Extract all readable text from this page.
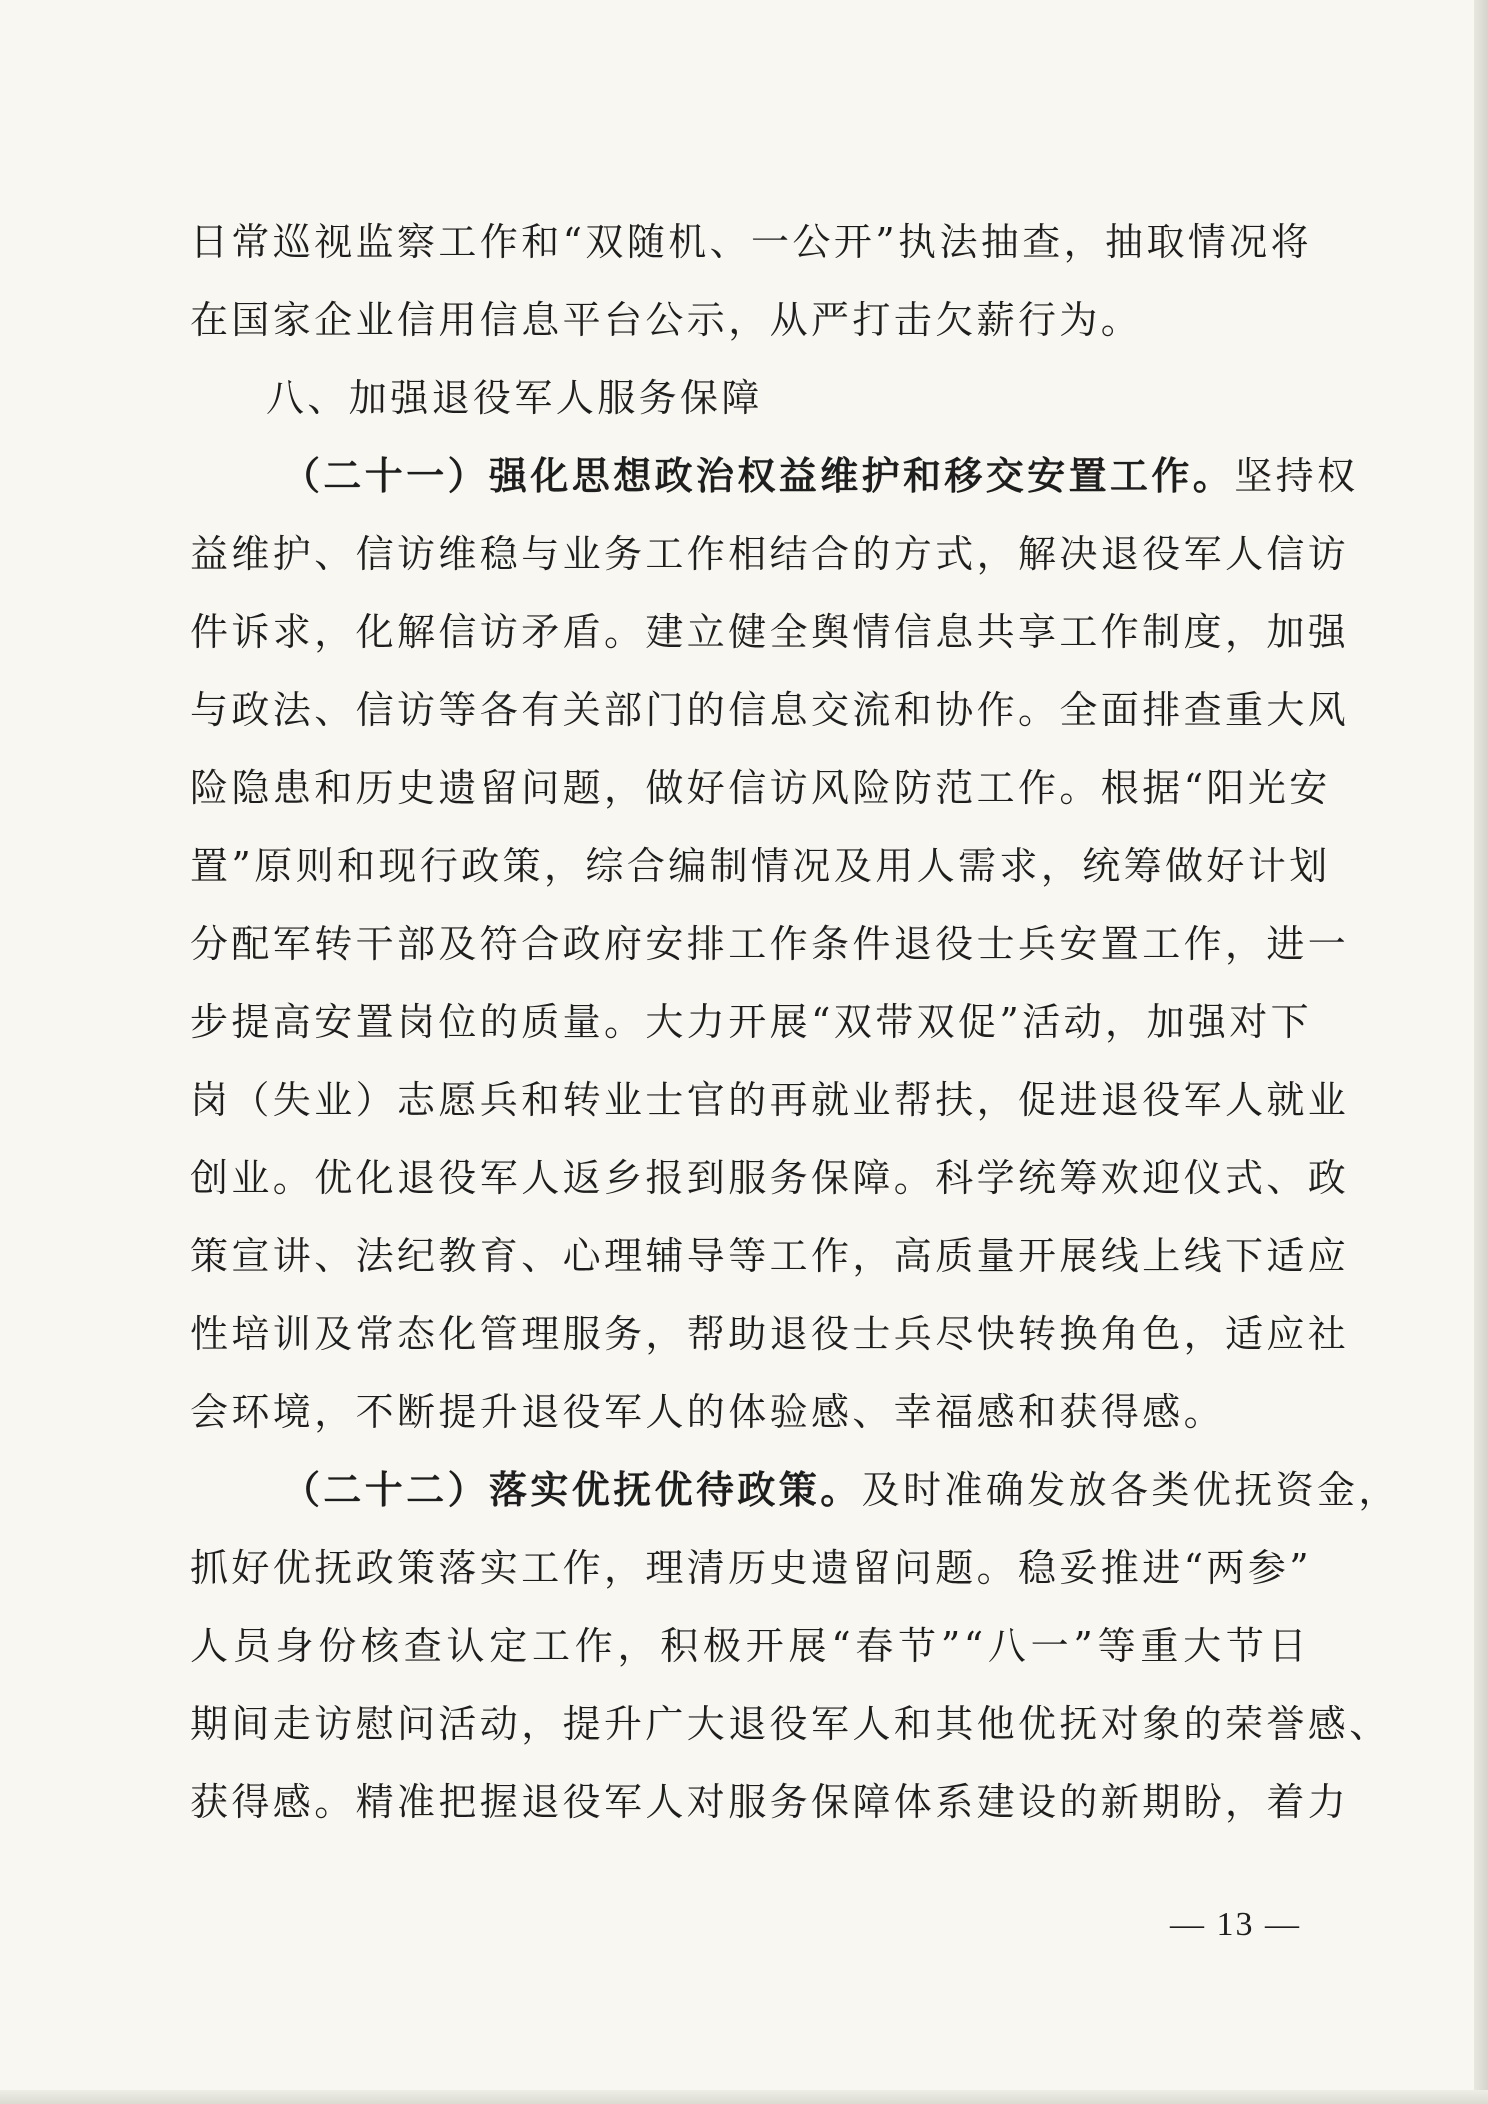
日常巡视监察工作和“双随机、一公开”执法抽查，抽取情况将
在国家企业信用信息平台公示，从严打击欠薪行为。
八、加强退役军人服务保障
（二十一）强化思想政治权益维护和移交安置工作。坚持权
益维护、信访维稳与业务工作相结合的方式，解决退役军人信访
件诉求，化解信访矛盾。建立健全舆情信息共享工作制度，加强
与政法、信访等各有关部门的信息交流和协作。全面排查重大风
险隐患和历史遗留问题，做好信访风险防范工作。根据“阳光安
置”原则和现行政策，综合编制情况及用人需求，统筹做好计划
分配军转干部及符合政府安排工作条件退役士兵安置工作，进一
步提高安置岗位的质量。大力开展“双带双促”活动，加强对下
岗（失业）志愿兵和转业士官的再就业帮扶，促进退役军人就业
创业。优化退役军人返乡报到服务保障。科学统筹欢迎仪式、政
策宣讲、法纪教育、心理辅导等工作，高质量开展线上线下适应
性培训及常态化管理服务，帮助退役士兵尽快转换角色，适应社
会环境，不断提升退役军人的体验感、幸福感和获得感。
（二十二）落实优抚优待政策。及时准确发放各类优抚资金，
抓好优抚政策落实工作，理清历史遗留问题。稳妥推进“两参”
人员身份核查认定工作，积极开展“春节”“八一”等重大节日
期间走访慰问活动，提升广大退役军人和其他优抚对象的荣誉感、
获得感。精准把握退役军人对服务保障体系建设的新期盼，着力
— 13 —
